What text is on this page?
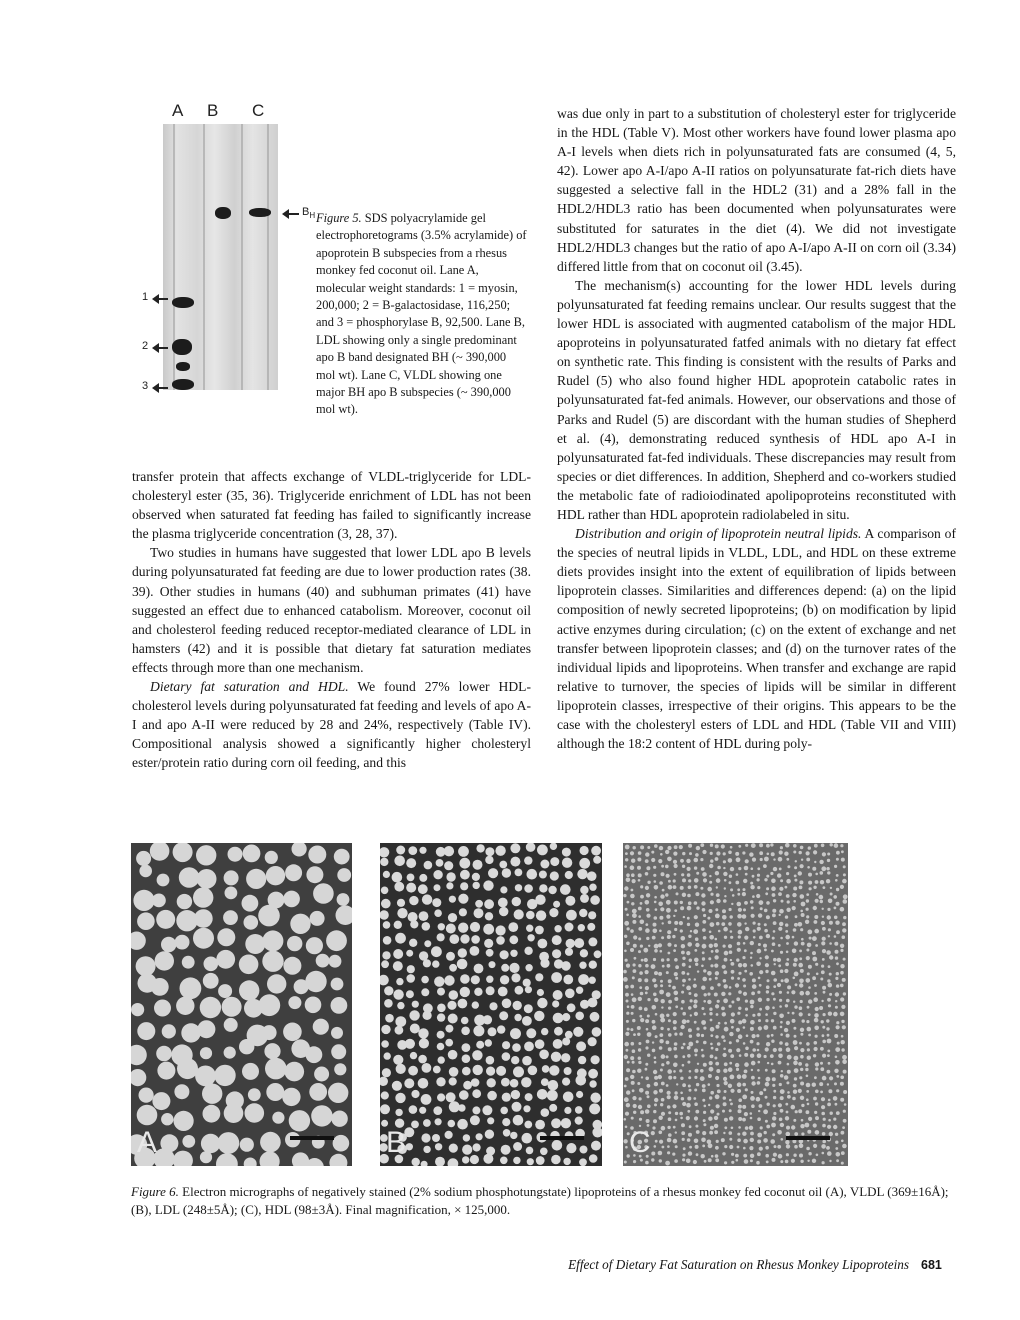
A B C
$B_H$
1
2
3
Figure 5. SDS polyacrylamide gel electrophoretograms (3.5% acrylamide) of apoprotein B subspecies from a rhesus monkey fed coconut oil. Lane A, molecular weight standards: 1 = myosin, 200,000; 2 = B-galactosidase, 116,250; and 3 = phosphorylase B, 92,500. Lane B, LDL showing only a single predominant apo B band designated BH (~ 390,000 mol wt). Lane C, VLDL showing one major BH apo B subspecies (~ 390,000 mol wt).

transfer protein that affects exchange of VLDL-triglyceride for LDL-cholesteryl ester (35, 36). Triglyceride enrichment of LDL has not been observed when saturated fat feeding has failed to significantly increase the plasma triglyceride concentration (3, 28, 37).

Two studies in humans have suggested that lower LDL apo B levels during polyunsaturated fat feeding are due to lower production rates (38. 39). Other studies in humans (40) and subhuman primates (41) have suggested an effect due to enhanced catabolism. Moreover, coconut oil and cholesterol feeding reduced receptor-mediated clearance of LDL in hamsters (42) and it is possible that dietary fat saturation mediates effects through more than one mechanism.

Dietary fat saturation and HDL. We found 27% lower HDL-cholesterol levels during polyunsaturated fat feeding and levels of apo A-I and apo A-II were reduced by 28 and 24%, respectively (Table IV). Compositional analysis showed a significantly higher cholesteryl ester/protein ratio during corn oil feeding, and this

was due only in part to a substitution of cholesteryl ester for triglyceride in the HDL (Table V). Most other workers have found lower plasma apo A-I levels when diets rich in polyunsaturated fats are consumed (4, 5, 42). Lower apo A-I/apo A-II ratios on polyunsaturate fat-rich diets have suggested a selective fall in the HDL2 (31) and a 28% fall in the HDL2/HDL3 ratio has been documented when polyunsaturates were substituted for saturates in the diet (4). We did not investigate HDL2/HDL3 changes but the ratio of apo A-I/apo A-II on corn oil (3.34) differed little from that on coconut oil (3.45).

The mechanism(s) accounting for the lower HDL levels during polyunsaturated fat feeding remains unclear. Our results suggest that the lower HDL is associated with augmented catabolism of the major HDL apoproteins in polyunsaturated fatfed animals with no dietary fat effect on synthetic rate. This finding is consistent with the results of Parks and Rudel (5) who also found higher HDL apoprotein catabolic rates in polyunsaturated fat-fed animals. However, our observations and those of Parks and Rudel (5) are discordant with the human studies of Shepherd et al. (4), demonstrating reduced synthesis of HDL apo A-I in polyunsaturated fat-fed individuals. These discrepancies may result from species or diet differences. In addition, Shepherd and co-workers studied the metabolic fate of radioiodinated apolipoproteins reconstituted with HDL rather than HDL apoprotein radiolabeled in situ.

Distribution and origin of lipoprotein neutral lipids. A comparison of the species of neutral lipids in VLDL, LDL, and HDL on these extreme diets provides insight into the extent of equilibration of lipids between lipoprotein classes. Similarities and differences depend: (a) on the lipid composition of newly secreted lipoproteins; (b) on modification by lipid active enzymes during circulation; (c) on the extent of exchange and net transfer between lipoprotein classes; and (d) on the turnover rates of the individual lipids and lipoproteins. When transfer and exchange are rapid relative to turnover, the species of lipids will be similar in different lipoprotein classes, irrespective of their origins. This appears to be the case with the cholesteryl esters of LDL and HDL (Table VII and VIII) although the 18:2 content of HDL during poly-

A	B	C
Figure 6. Electron micrographs of negatively stained (2% sodium phosphotungstate) lipoproteins of a rhesus monkey fed coconut oil (A), VLDL (369±16Å); (B), LDL (248±5Å); (C), HDL (98±3Å). Final magnification, × 125,000.
Effect of Dietary Fat Saturation on Rhesus Monkey Lipoproteins 681
